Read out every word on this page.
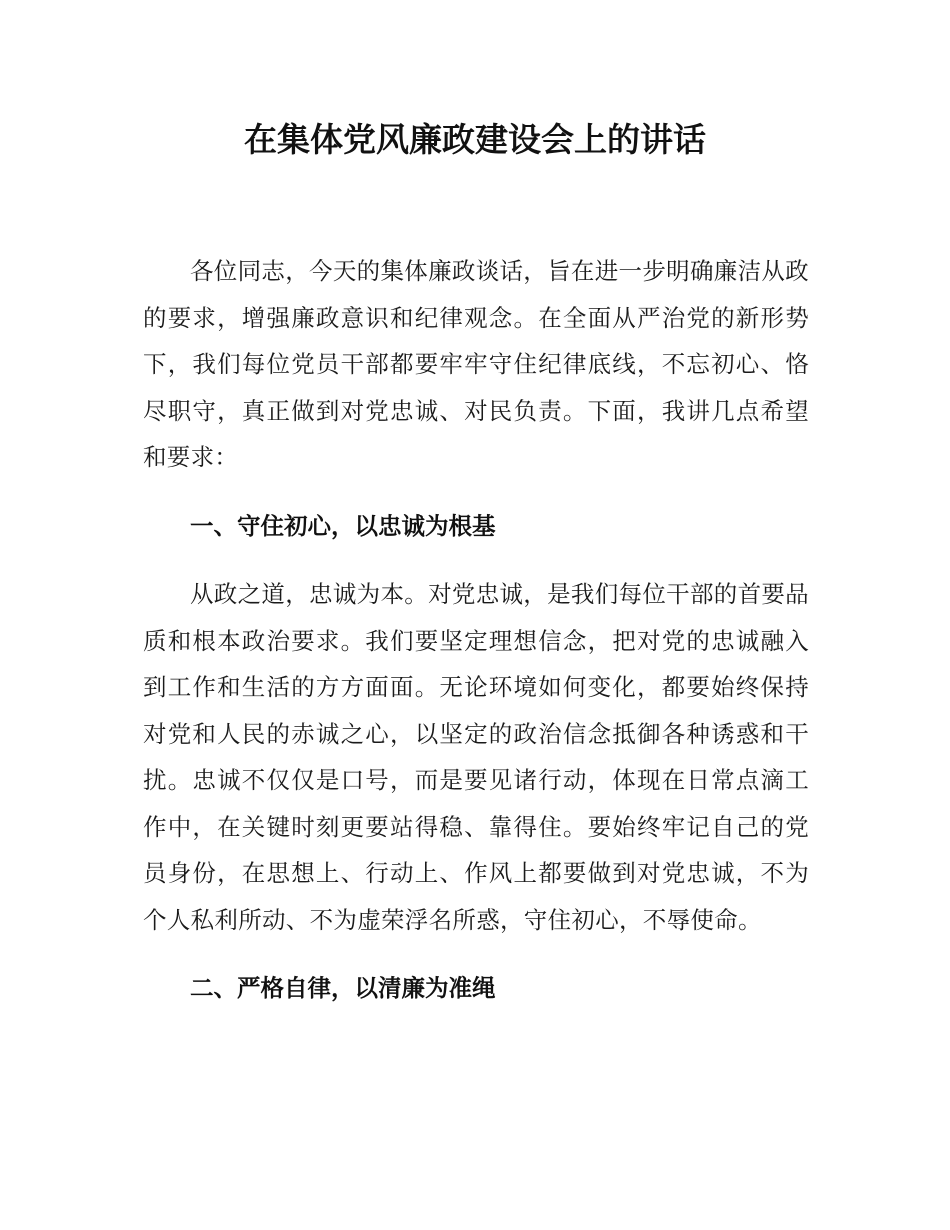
在集体党风廉政建设会上的讲话

各位同志，今天的集体廉政谈话，旨在进一步明确廉洁从政的要求，增强廉政意识和纪律观念。在全面从严治党的新形势下，我们每位党员干部都要牢牢守住纪律底线，不忘初心、恪尽职守，真正做到对党忠诚、对民负责。下面，我讲几点希望和要求：

一、守住初心，以忠诚为根基

从政之道，忠诚为本。对党忠诚，是我们每位干部的首要品质和根本政治要求。我们要坚定理想信念，把对党的忠诚融入到工作和生活的方方面面。无论环境如何变化，都要始终保持对党和人民的赤诚之心，以坚定的政治信念抵御各种诱惑和干扰。忠诚不仅仅是口号，而是要见诸行动，体现在日常点滴工作中，在关键时刻更要站得稳、靠得住。要始终牢记自己的党员身份，在思想上、行动上、作风上都要做到对党忠诚，不为个人私利所动、不为虚荣浮名所惑，守住初心，不辱使命。

二、严格自律，以清廉为准绳
